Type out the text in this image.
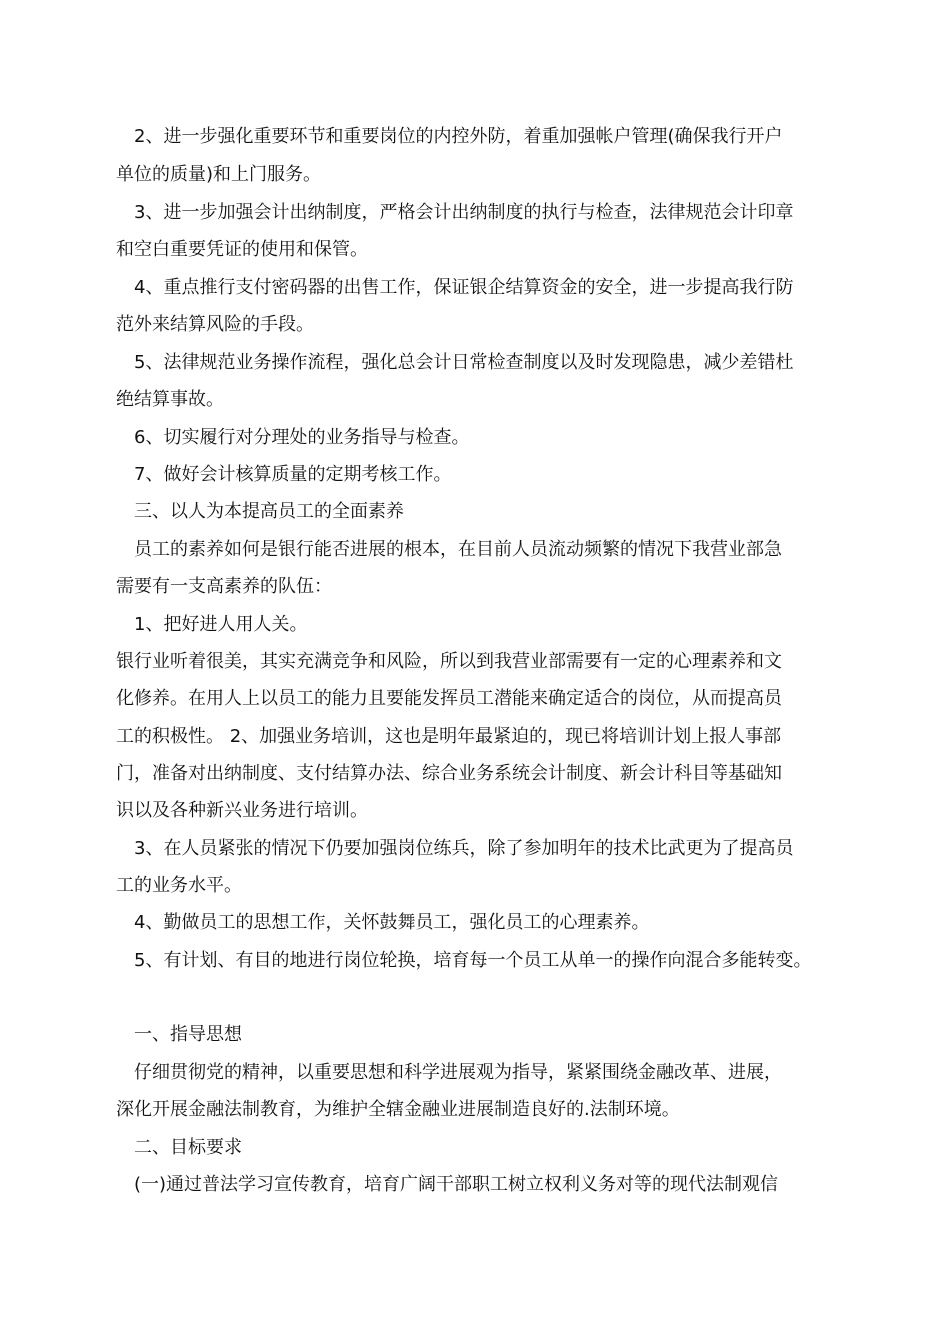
2、进一步强化重要环节和重要岗位的内控外防，着重加强帐户管理(确保我行开户
单位的质量)和上门服务。
3、进一步加强会计出纳制度，严格会计出纳制度的执行与检查，法律规范会计印章
和空白重要凭证的使用和保管。
4、重点推行支付密码器的出售工作，保证银企结算资金的安全，进一步提高我行防
范外来结算风险的手段。
5、法律规范业务操作流程，强化总会计日常检查制度以及时发现隐患，减少差错杜
绝结算事故。
6、切实履行对分理处的业务指导与检查。
7、做好会计核算质量的定期考核工作。
三、以人为本提高员工的全面素养
员工的素养如何是银行能否进展的根本，在目前人员流动频繁的情况下我营业部急
需要有一支高素养的队伍：
1、把好进人用人关。
银行业听着很美，其实充满竞争和风险，所以到我营业部需要有一定的心理素养和文
化修养。在用人上以员工的能力且要能发挥员工潜能来确定适合的岗位，从而提高员
工的积极性。 2、加强业务培训，这也是明年最紧迫的，现已将培训计划上报人事部
门，准备对出纳制度、支付结算办法、综合业务系统会计制度、新会计科目等基础知
识以及各种新兴业务进行培训。
3、在人员紧张的情况下仍要加强岗位练兵，除了参加明年的技术比武更为了提高员
工的业务水平。
4、勤做员工的思想工作，关怀鼓舞员工，强化员工的心理素养。
5、有计划、有目的地进行岗位轮换，培育每一个员工从单一的操作向混合多能转变。
一、指导思想
仔细贯彻党的精神，以重要思想和科学进展观为指导，紧紧围绕金融改革、进展，
深化开展金融法制教育，为维护全辖金融业进展制造良好的.法制环境。
二、目标要求
(一)通过普法学习宣传教育，培育广阔干部职工树立权利义务对等的现代法制观信
